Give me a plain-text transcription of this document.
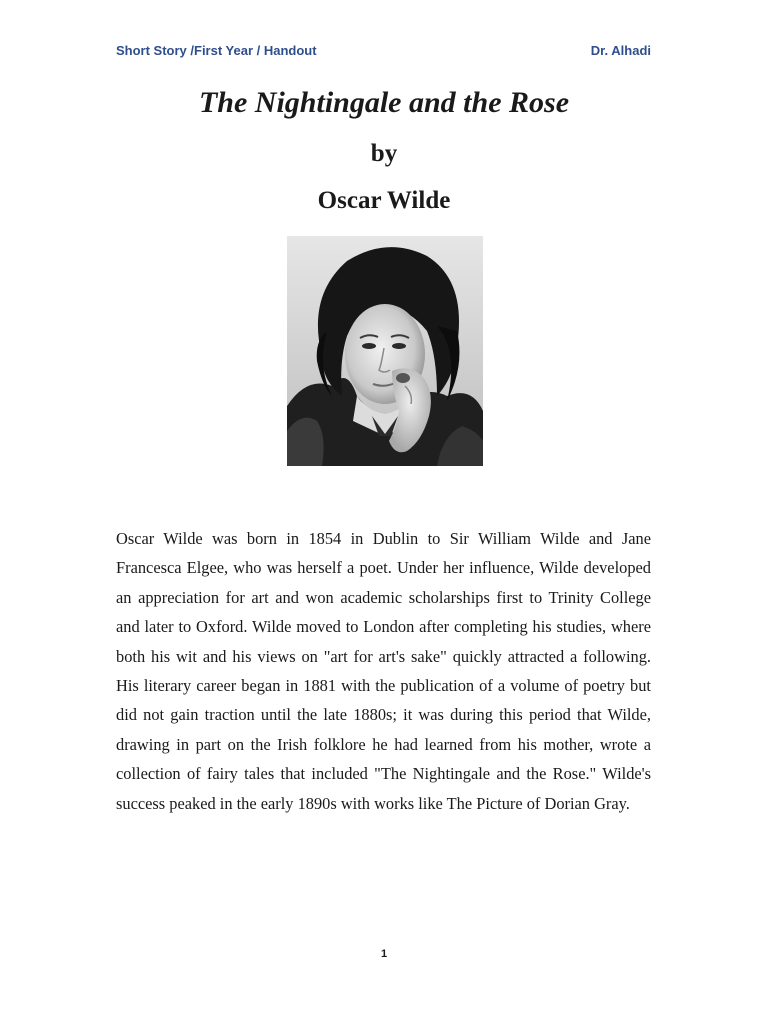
Short Story /First Year / Handout	Dr. Alhadi
The Nightingale and the Rose
by
Oscar Wilde

Oscar Wilde was born in 1854 in Dublin to Sir William Wilde and Jane Francesca Elgee, who was herself a poet. Under her influence, Wilde developed an appreciation for art and won academic scholarships first to Trinity College and later to Oxford. Wilde moved to London after completing his studies, where both his wit and his views on "art for art's sake" quickly attracted a following. His literary career began in 1881 with the publication of a volume of poetry but did not gain traction until the late 1880s; it was during this period that Wilde, drawing in part on the Irish folklore he had learned from his mother, wrote a collection of fairy tales that included "The Nightingale and the Rose." Wilde's success peaked in the early 1890s with works like The Picture of Dorian Gray.

1
